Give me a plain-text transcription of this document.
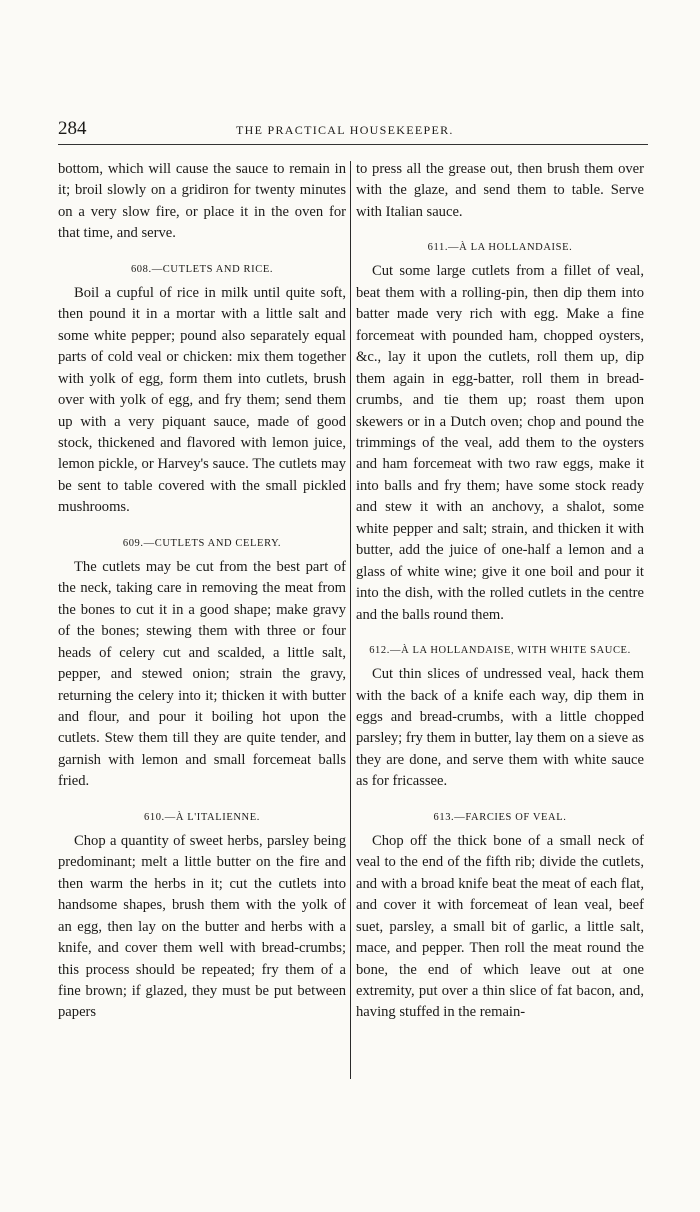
284	THE PRACTICAL HOUSEKEEPER.

bottom, which will cause the sauce to remain in it; broil slowly on a gridiron for twenty minutes on a very slow fire, or place it in the oven for that time, and serve.

608.—CUTLETS AND RICE.

Boil a cupful of rice in milk until quite soft, then pound it in a mortar with a little salt and some white pepper; pound also separately equal parts of cold veal or chicken: mix them together with yolk of egg, form them into cutlets, brush over with yolk of egg, and fry them; send them up with a very piquant sauce, made of good stock, thickened and flavored with lemon juice, lemon pickle, or Harvey's sauce. The cutlets may be sent to table covered with the small pickled mushrooms.

609.—CUTLETS AND CELERY.

The cutlets may be cut from the best part of the neck, taking care in removing the meat from the bones to cut it in a good shape; make gravy of the bones; stewing them with three or four heads of celery cut and scalded, a little salt, pepper, and stewed onion; strain the gravy, returning the celery into it; thicken it with butter and flour, and pour it boiling hot upon the cutlets. Stew them till they are quite tender, and garnish with lemon and small forcemeat balls fried.

610.—À L'ITALIENNE.

Chop a quantity of sweet herbs, parsley being predominant; melt a little butter on the fire and then warm the herbs in it; cut the cutlets into handsome shapes, brush them with the yolk of an egg, then lay on the butter and herbs with a knife, and cover them well with bread-crumbs; this process should be repeated; fry them of a fine brown; if glazed, they must be put between papers

to press all the grease out, then brush them over with the glaze, and send them to table. Serve with Italian sauce.

611.—À LA HOLLANDAISE.

Cut some large cutlets from a fillet of veal, beat them with a rolling-pin, then dip them into batter made very rich with egg. Make a fine forcemeat with pounded ham, chopped oysters, &c., lay it upon the cutlets, roll them up, dip them again in egg-batter, roll them in bread-crumbs, and tie them up; roast them upon skewers or in a Dutch oven; chop and pound the trimmings of the veal, add them to the oysters and ham forcemeat with two raw eggs, make it into balls and fry them; have some stock ready and stew it with an anchovy, a shalot, some white pepper and salt; strain, and thicken it with butter, add the juice of one-half a lemon and a glass of white wine; give it one boil and pour it into the dish, with the rolled cutlets in the centre and the balls round them.

612.—À LA HOLLANDAISE, WITH WHITE SAUCE.

Cut thin slices of undressed veal, hack them with the back of a knife each way, dip them in eggs and bread-crumbs, with a little chopped parsley; fry them in butter, lay them on a sieve as they are done, and serve them with white sauce as for fricassee.

613.—FARCIES OF VEAL.

Chop off the thick bone of a small neck of veal to the end of the fifth rib; divide the cutlets, and with a broad knife beat the meat of each flat, and cover it with forcemeat of lean veal, beef suet, parsley, a small bit of garlic, a little salt, mace, and pepper. Then roll the meat round the bone, the end of which leave out at one extremity, put over a thin slice of fat bacon, and, having stuffed in the remain-
